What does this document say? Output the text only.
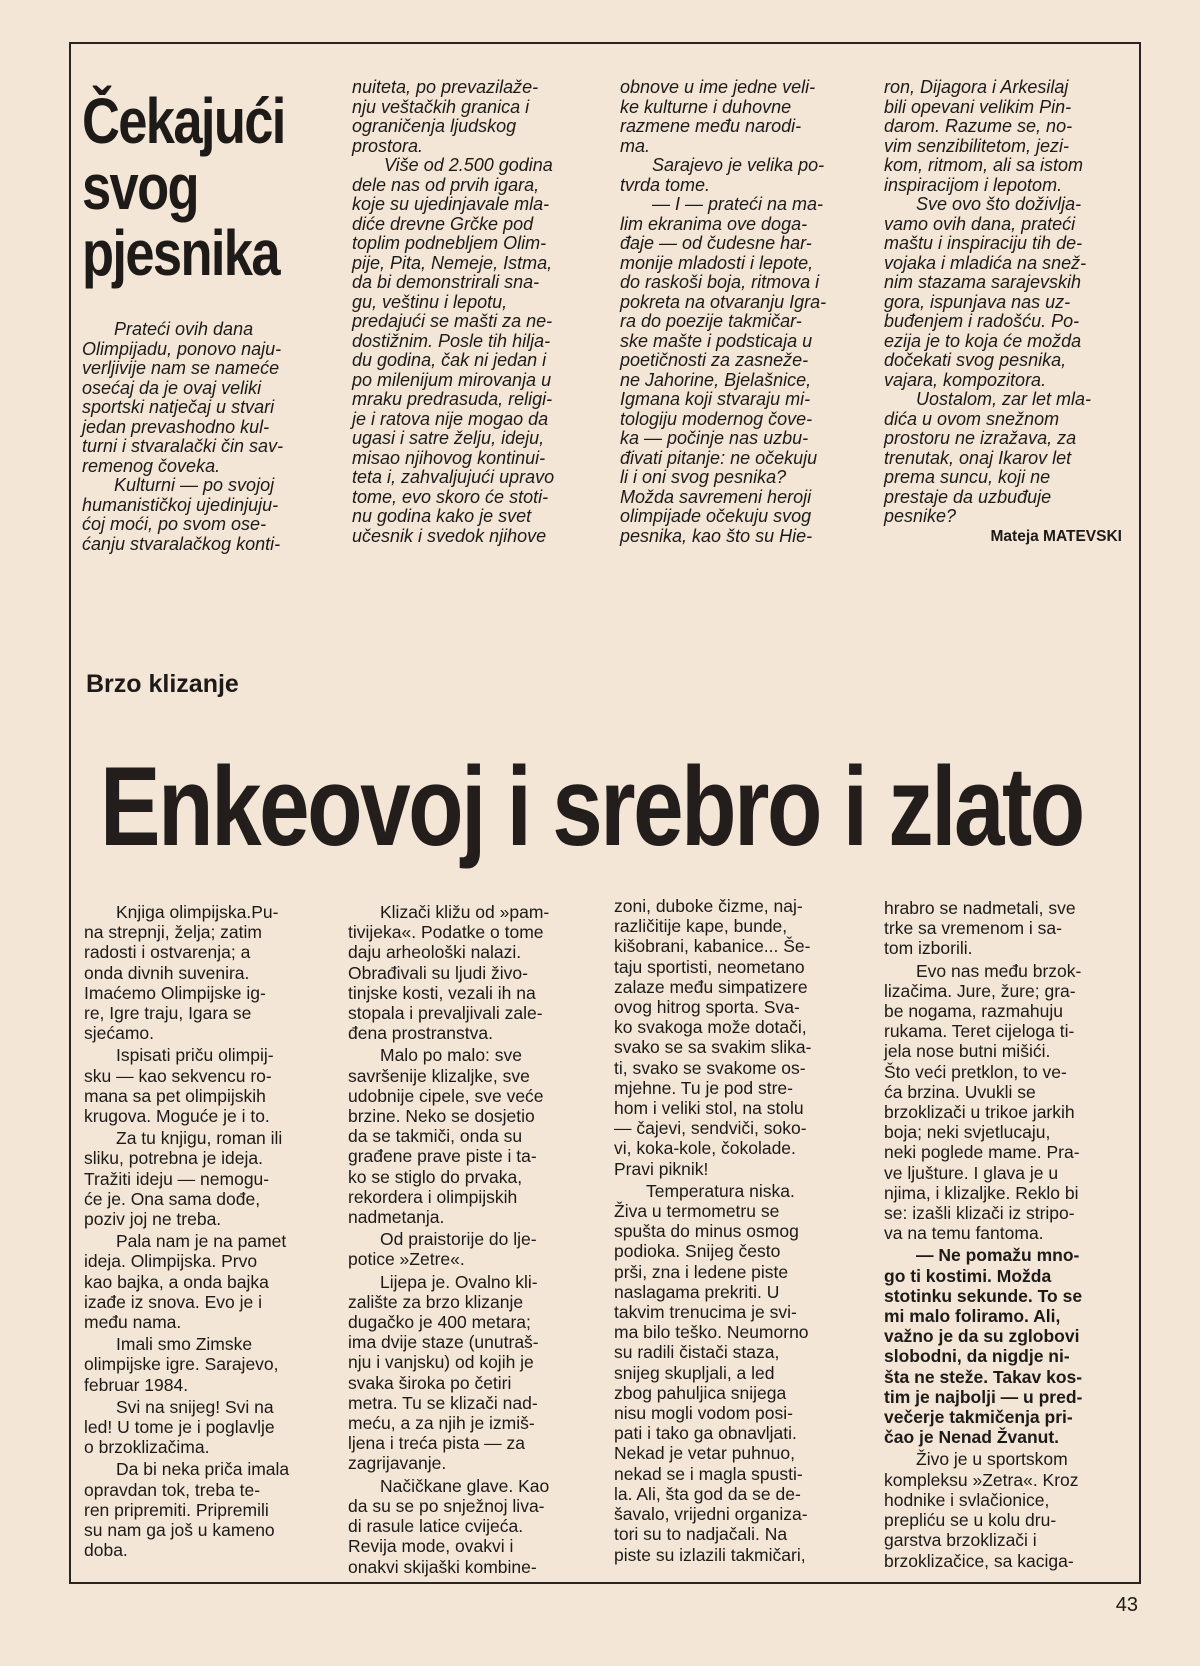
Čekajući

svog

pjesnika

Prateći ovih dana
Olimpijadu, ponovo naju-
verljivije nam se nameće
osećaj da je ovaj veliki
sportski natječaj u stvari
jedan prevashodno kul-
turni i stvaralački čin sav-
remenog čoveka.

Kulturni — po svojoj
humanističkoj ujedinjuju-
ćoj moći, po svom ose-
ćanju stvaralačkog konti-

nuiteta, po prevazilaže-
nju veštačkih granica i
ograničenja ljudskog
prostora.

Više od 2.500 godina
dele nas od prvih igara,
koje su ujedinjavale mla-
diće drevne Grčke pod
toplim podnebljem Olim-
pije, Pita, Nemeje, Istma,
da bi demonstrirali sna-
gu, veštinu i lepotu,
predajući se mašti za ne-
dostižnim. Posle tih hilja-
du godina, čak ni jedan i
po milenijum mirovanja u
mraku predrasuda, religi-
je i ratova nije mogao da
ugasi i satre želju, ideju,
misao njihovog kontinui-
teta i, zahvaljujući upravo
tome, evo skoro će stoti-
nu godina kako je svet
učesnik i svedok njihove

obnove u ime jedne veli-
ke kulturne i duhovne
razmene među narodi-
ma.

Sarajevo je velika po-
tvrda tome.

— I — prateći na ma-
lim ekranima ove doga-
đaje — od čudesne har-
monije mladosti i lepote,
do raskoši boja, ritmova i
pokreta na otvaranju Igra-
ra do poezije takmičar-
ske mašte i podsticaja u
poetičnosti za zasneže-
ne Jahorine, Bjelašnice,
Igmana koji stvaraju mi-
tologiju modernog čove-
ka — počinje nas uzbu-
đivati pitanje: ne očekuju
li i oni svog pesnika?
Možda savremeni heroji
olimpijade očekuju svog
pesnika, kao što su Hie-

ron, Dijagora i Arkesilaj
bili opevani velikim Pin-
darom. Razume se, no-
vim senzibilitetom, jezi-
kom, ritmom, ali sa istom
inspiracijom i lepotom.

Sve ovo što doživlja-
vamo ovih dana, prateći
maštu i inspiraciju tih de-
vojaka i mladića na snež-
nim stazama sarajevskih
gora, ispunjava nas uz-
buđenjem i radošću. Po-
ezija je to koja će možda
dočekati svog pesnika,
vajara, kompozitora.

Uostalom, zar let mla-
dića u ovom snežnom
prostoru ne izražava, za
trenutak, onaj Ikarov let
prema suncu, koji ne
prestaje da uzbuđuje
pesnike?

Mateja MATEVSKI
Brzo klizanje
Enkeovoj i srebro i zlato

Knjiga olimpijska.Pu-
na strepnji, želja; zatim
radosti i ostvarenja; a
onda divnih suvenira.
Imaćemo Olimpijske ig-
re, Igre traju, Igara se
sjećamo.

Ispisati priču olimpij-
sku — kao sekvencu ro-
mana sa pet olimpijskih
krugova. Moguće je i to.

Za tu knjigu, roman ili
sliku, potrebna je ideja.
Tražiti ideju — nemogu-
će je. Ona sama dođe,
poziv joj ne treba.

Pala nam je na pamet
ideja. Olimpijska. Prvo
kao bajka, a onda bajka
izađe iz snova. Evo je i
među nama.

Imali smo Zimske
olimpijske igre. Sarajevo,
februar 1984.

Svi na snijeg! Svi na
led! U tome je i poglavlje
o brzoklizačima.

Da bi neka priča imala
opravdan tok, treba te-
ren pripremiti. Pripremili
su nam ga još u kameno
doba.

Klizači kližu od »pam-
tivijeka«. Podatke o tome
daju arheološki nalazi.
Obrađivali su ljudi živo-
tinjske kosti, vezali ih na
stopala i prevaljivali zale-
đena prostranstva.

Malo po malo: sve
savršenije klizaljke, sve
udobnije cipele, sve veće
brzine. Neko se dosjetio
da se takmiči, onda su
građene prave piste i ta-
ko se stiglo do prvaka,
rekordera i olimpijskih
nadmetanja.

Od praistorije do lje-
potice »Zetre«.

Lijepa je. Ovalno kli-
zalište za brzo klizanje
dugačko je 400 metara;
ima dvije staze (unutraš-
nju i vanjsku) od kojih je
svaka široka po četiri
metra. Tu se klizači nad-
meću, a za njih je izmiš-
ljena i treća pista — za
zagrijavanje.

Načičkane glave. Kao
da su se po snježnoj liva-
di rasule latice cvijeća.
Revija mode, ovakvi i
onakvi skijaški kombine-

zoni, duboke čizme, naj-
različitije kape, bunde,
kišobrani, kabanice... Še-
taju sportisti, neometano
zalaze među simpatizere
ovog hitrog sporta. Sva-
ko svakoga može dotači,
svako se sa svakim slika-
ti, svako se svakome os-
mjehne. Tu je pod stre-
hom i veliki stol, na stolu
— čajevi, sendviči, soko-
vi, koka-kole, čokolade.
Pravi piknik!

Temperatura niska.
Živa u termometru se
spušta do minus osmog
podioka. Snijeg često
prši, zna i ledene piste
naslagama prekriti. U
takvim trenucima je svi-
ma bilo teško. Neumorno
su radili čistači staza,
snijeg skupljali, a led
zbog pahuljica snijega
nisu mogli vodom posi-
pati i tako ga obnavljati.
Nekad je vetar puhnuo,
nekad se i magla spusti-
la. Ali, šta god da se de-
šavalo, vrijedni organiza-
tori su to nadjačali. Na
piste su izlazili takmičari,

hrabro se nadmetali, sve
trke sa vremenom i sa-
tom izborili.

Evo nas među brzok-
lizačima. Jure, žure; gra-
be nogama, razmahuju
rukama. Teret cijeloga ti-
jela nose butni mišići.
Što veći pretklon, to ve-
ća brzina. Uvukli se
brzoklizači u trikoe jarkih
boja; neki svjetlucaju,
neki poglede mame. Pra-
ve ljušture. I glava je u
njima, i klizaljke. Reklo bi
se: izašli klizači iz stripo-
va na temu fantoma.

— Ne pomažu mno-
go ti kostimi. Možda
stotinku sekunde. To se
mi malo foliramo. Ali,
važno je da su zglobovi
slobodni, da nigdje ni-
šta ne steže. Takav kos-
tim je najbolji — u pred-
večerje takmičenja pri-
čao je Nenad Žvanut.

Živo je u sportskom
kompleksu »Zetra«. Kroz
hodnike i svlačionice,
prepliću se u kolu dru-
garstva brzoklizači i
brzoklizačice, sa kaciga-

43
